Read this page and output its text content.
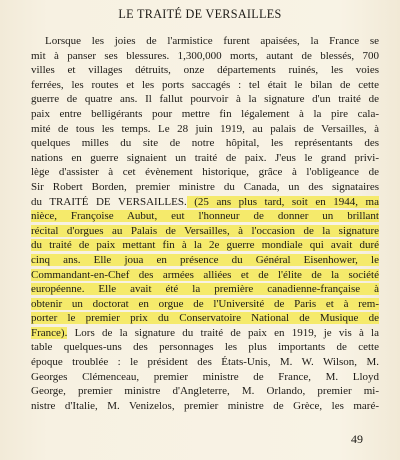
LE TRAITÉ DE VERSAILLES
Lorsque les joies de l'armistice furent apaisées, la France se
mit à panser ses blessures. 1,300,000 morts, autant de blessés, 700
villes et villages détruits, onze départements ruinés, les voies
ferrées, les routes et les ports saccagés : tel était le bilan de cette
guerre de quatre ans. Il fallut pourvoir à la signature d'un traité de
paix entre belligérants pour mettre fin légalement à la pire cala-
mité de tous les temps. Le 28 juin 1919, au palais de Versailles, à
quelques milles du site de notre hôpital, les représentants des
nations en guerre signaient un traité de paix. J'eus le grand privi-
lège d'assister à cet évènement historique, grâce à l'obligeance de
Sir Robert Borden, premier ministre du Canada, un des signataires
du TRAITÉ DE VERSAILLES. (25 ans plus tard, soit en 1944, ma
nièce, Françoise Aubut, eut l'honneur de donner un brillant
récital d'orgues au Palais de Versailles, à l'occasion de la signature
du traité de paix mettant fin à la 2e guerre mondiale qui avait duré
cinq ans. Elle joua en présence du Général Eisenhower, le
Commandant-en-Chef des armées alliées et de l'élite de la société
européenne. Elle avait été la première canadienne-française à
obtenir un doctorat en orgue de l'Université de Paris et à rem-
porter le premier prix du Conservatoire National de Musique de
France). Lors de la signature du traité de paix en 1919, je vis à la
table quelques-uns des personnages les plus importants de cette
époque troublée : le président des États-Unis, M. W. Wilson, M.
Georges Clémenceau, premier ministre de France, M. Lloyd
George, premier ministre d'Angleterre, M. Orlando, premier mi-
nistre d'Italie, M. Venizelos, premier ministre de Grèce, les maré-
49
